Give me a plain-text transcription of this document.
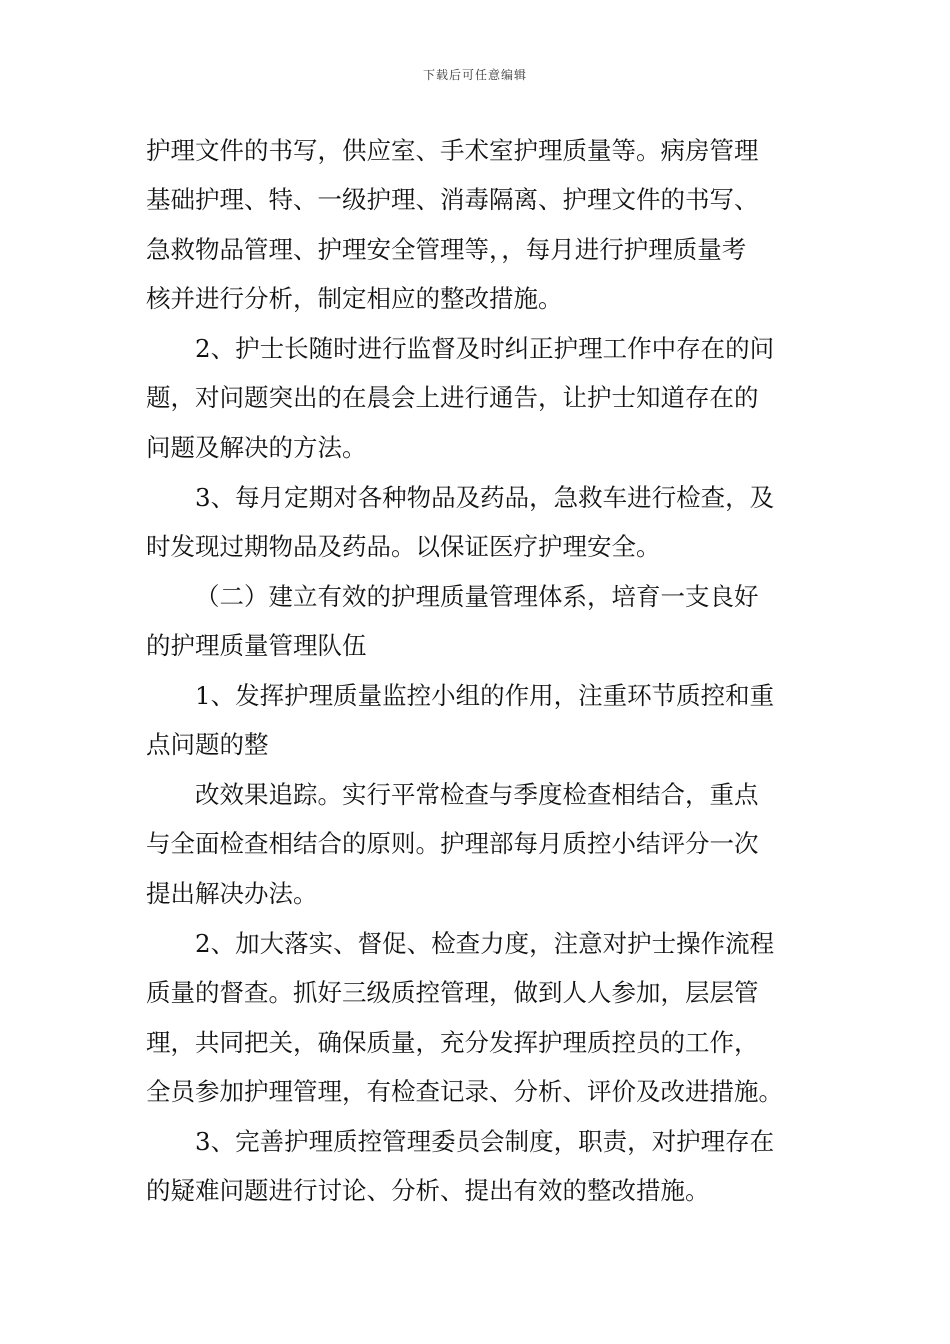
下载后可任意编辑
护理文件的书写，供应室、手术室护理质量等。病房管理
基础护理、特、一级护理、消毒隔离、护理文件的书写、
急救物品管理、护理安全管理等，，每月进行护理质量考
核并进行分析，制定相应的整改措施。
2、护士长随时进行监督及时纠正护理工作中存在的问
题，对问题突出的在晨会上进行通告，让护士知道存在的
问题及解决的方法。
3、每月定期对各种物品及药品，急救车进行检查，及
时发现过期物品及药品。以保证医疗护理安全。
（二）建立有效的护理质量管理体系，培育一支良好
的护理质量管理队伍
1、发挥护理质量监控小组的作用，注重环节质控和重
点问题的整
改效果追踪。实行平常检查与季度检查相结合，重点
与全面检查相结合的原则。护理部每月质控小结评分一次
提出解决办法。
2、加大落实、督促、检查力度，注意对护士操作流程
质量的督查。抓好三级质控管理，做到人人参加，层层管
理，共同把关，确保质量，充分发挥护理质控员的工作，
全员参加护理管理，有检查记录、分析、评价及改进措施。
3、完善护理质控管理委员会制度，职责，对护理存在
的疑难问题进行讨论、分析、提出有效的整改措施。
